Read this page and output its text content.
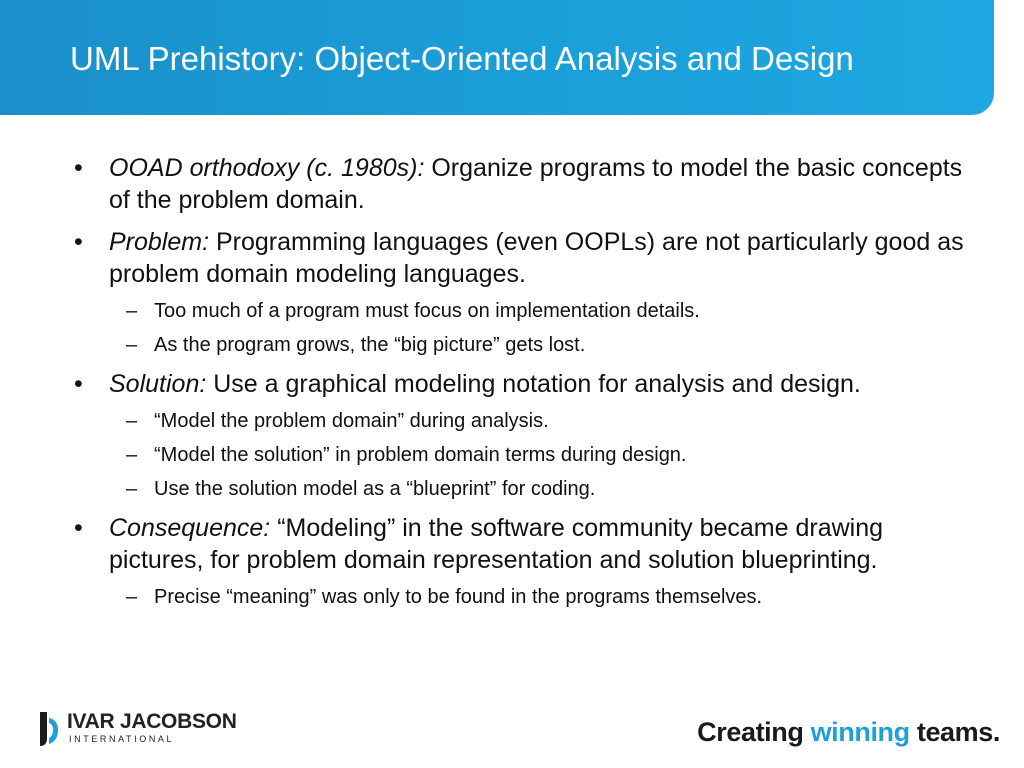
UML Prehistory: Object-Oriented Analysis and Design
• OOAD orthodoxy (c. 1980s): Organize programs to model the basic concepts of the problem domain.
• Problem: Programming languages (even OOPLs) are not particularly good as problem domain modeling languages.
– Too much of a program must focus on implementation details.
– As the program grows, the “big picture” gets lost.
• Solution: Use a graphical modeling notation for analysis and design.
– “Model the problem domain” during analysis.
– “Model the solution” in problem domain terms during design.
– Use the solution model as a “blueprint” for coding.
• Consequence: “Modeling” in the software community became drawing pictures, for problem domain representation and solution blueprinting.
– Precise “meaning” was only to be found in the programs themselves.
IVAR JACOBSON
INTERNATIONAL	Creating winning teams.
